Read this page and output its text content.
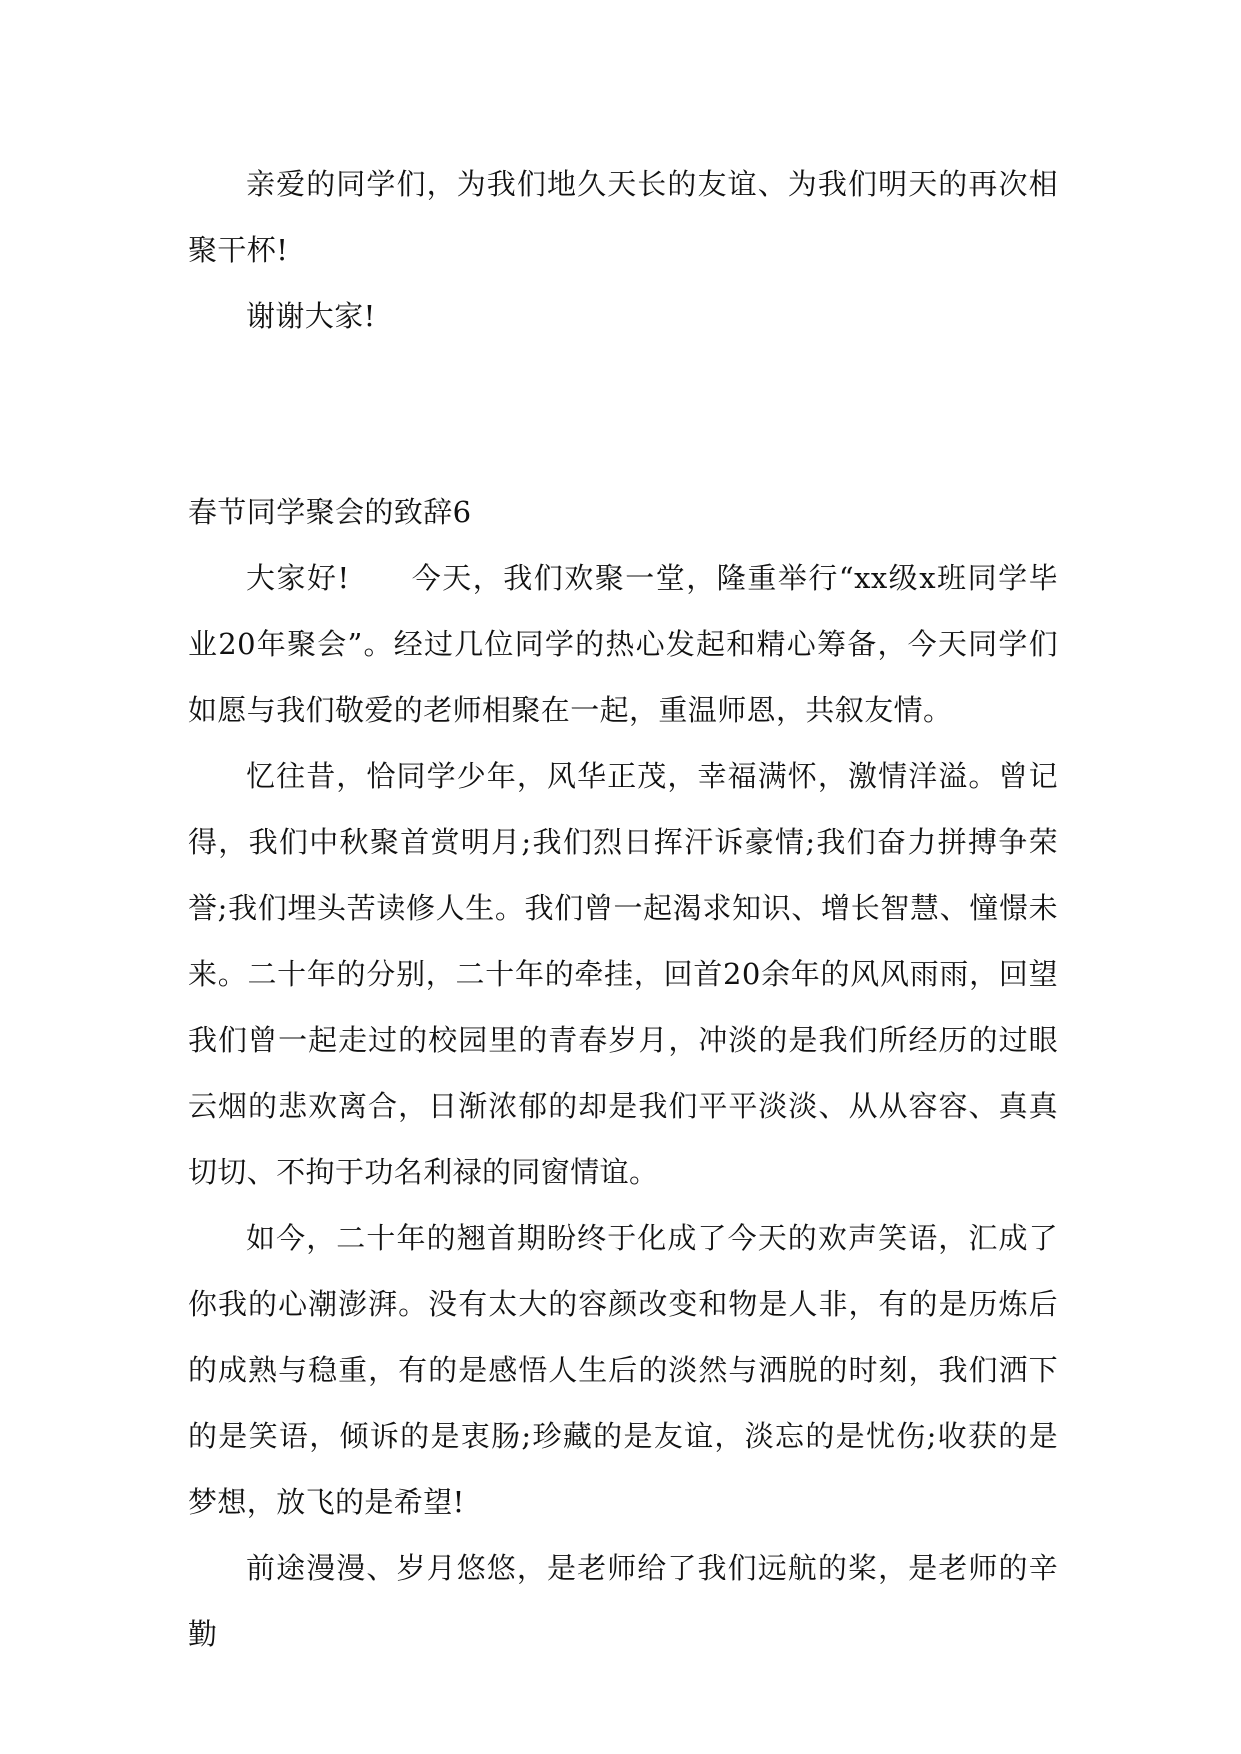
亲爱的同学们，为我们地久天长的友谊、为我们明天的再次相聚干杯!

谢谢大家!

春节同学聚会的致辞6

大家好!　　今天，我们欢聚一堂，隆重举行“xx级x班同学毕业20年聚会”。经过几位同学的热心发起和精心筹备，今天同学们如愿与我们敬爱的老师相聚在一起，重温师恩，共叙友情。

忆往昔，恰同学少年，风华正茂，幸福满怀，激情洋溢。曾记得，我们中秋聚首赏明月;我们烈日挥汗诉豪情;我们奋力拼搏争荣誉;我们埋头苦读修人生。我们曾一起渴求知识、增长智慧、憧憬未来。二十年的分别，二十年的牵挂，回首20余年的风风雨雨，回望我们曾一起走过的校园里的青春岁月，冲淡的是我们所经历的过眼云烟的悲欢离合，日渐浓郁的却是我们平平淡淡、从从容容、真真切切、不拘于功名利禄的同窗情谊。

如今，二十年的翘首期盼终于化成了今天的欢声笑语，汇成了你我的心潮澎湃。没有太大的容颜改变和物是人非，有的是历炼后的成熟与稳重，有的是感悟人生后的淡然与洒脱的时刻，我们洒下的是笑语，倾诉的是衷肠;珍藏的是友谊，淡忘的是忧伤;收获的是梦想，放飞的是希望!

前途漫漫、岁月悠悠，是老师给了我们远航的桨，是老师的辛勤
